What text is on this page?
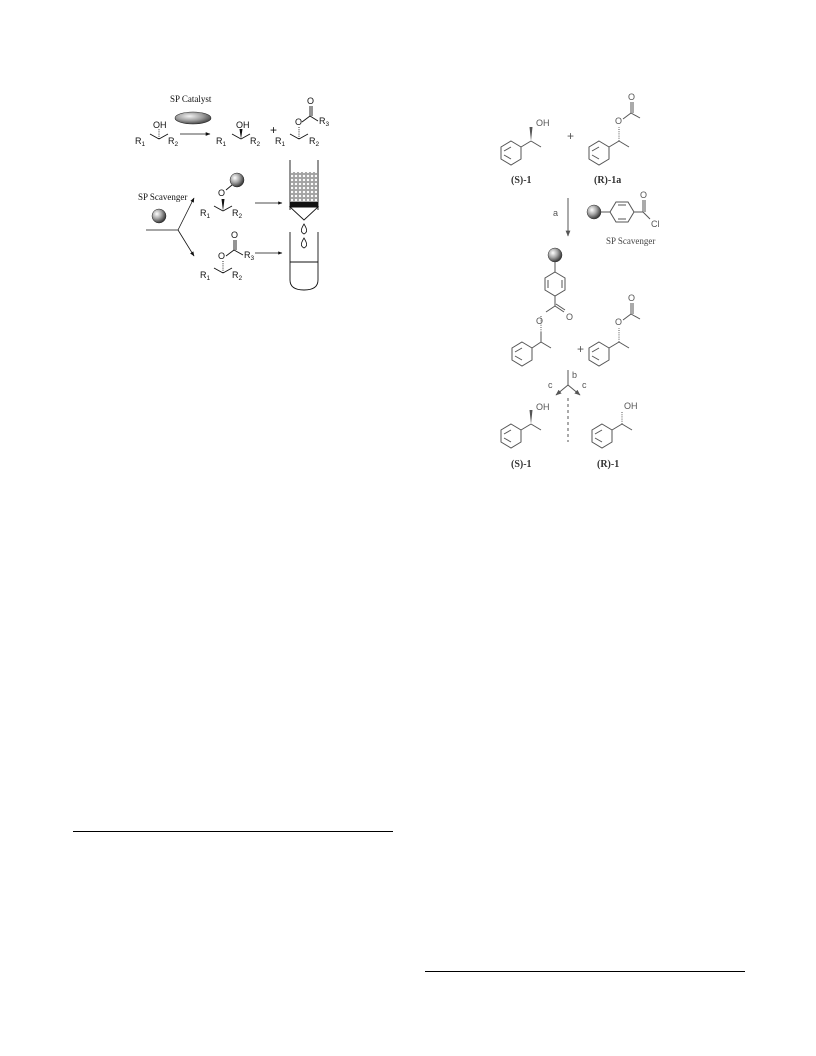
SP Catalyst
OH
$R_1$	$R_2$
OH
$R_1$	$R_2$
+
O
O
$R_3$
$R_1$	$R_2$
SP Scavenger	O
$R_1$ $R_2$
O
O
$R_3$
$R_1$ $R_2$
OH
(S)-1
+
O
O
(R)-1a
a
O
Cl
SP Scavenger
O	O
+
O
O
b
c	c
OH
(S)-1
OH
(R)-1
